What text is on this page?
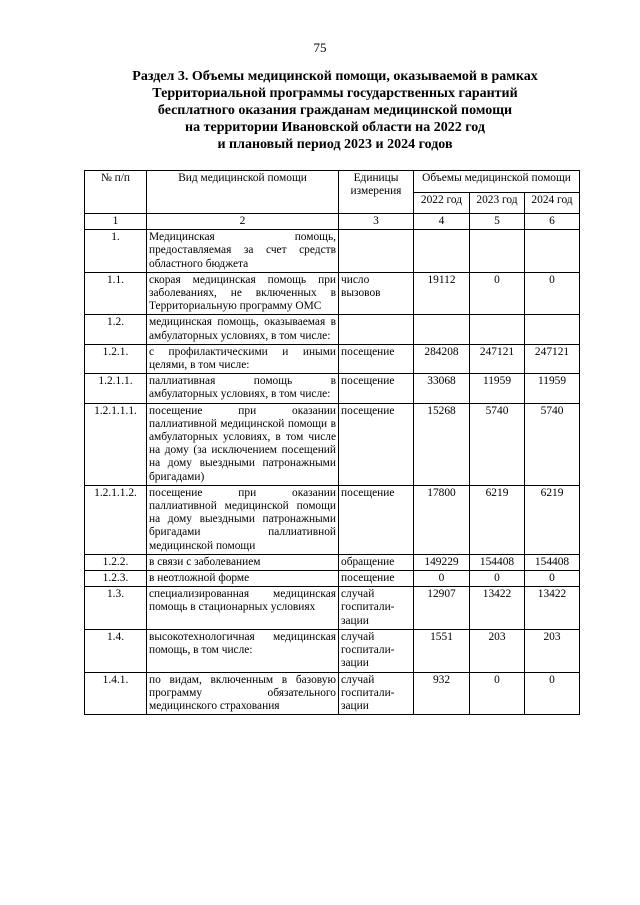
75
Раздел 3. Объемы медицинской помощи, оказываемой в рамках
Территориальной программы государственных гарантий
бесплатного оказания гражданам медицинской помощи
на территории Ивановской области на 2022 год
и плановый период 2023 и 2024 годов
№ п/п	Вид медицинской помощи	Единицы измерения	Объемы медицинской помощи		
			2022 год	2023 год	2024 год
1	2	3	4	5	6
1.	Медицинская помощь, предоставляемая за счет средств областного бюджета				
1.1.	скорая медицинская помощь при заболеваниях, не включенных в Территориальную программу ОМС	число вызовов	19112	0	0
1.2.	медицинская помощь, оказываемая в амбулаторных условиях, в том числе:				
1.2.1.	с профилактическими и иными целями, в том числе:	посещение	284208	247121	247121
1.2.1.1.	паллиативная помощь в амбулаторных условиях, в том числе:	посещение	33068	11959	11959
1.2.1.1.1.	посещение при оказании паллиативной медицинской помощи в амбулаторных условиях, в том числе на дому (за исключением посещений на дому выездными патронажными бригадами)	посещение	15268	5740	5740
1.2.1.1.2.	посещение при оказании паллиативной медицинской помощи на дому выездными патронажными бригадами паллиативной медицинской помощи	посещение	17800	6219	6219
1.2.2.	в связи с заболеванием	обращение	149229	154408	154408
1.2.3.	в неотложной форме	посещение	0	0	0
1.3.	специализированная медицинская помощь в стационарных условиях	случай госпитали-зации	12907	13422	13422
1.4.	высокотехнологичная медицинская помощь, в том числе:	случай госпитали-зации	1551	203	203
1.4.1.	по видам, включенным в базовую программу обязательного медицинского страхования	случай госпитали-зации	932	0	0
